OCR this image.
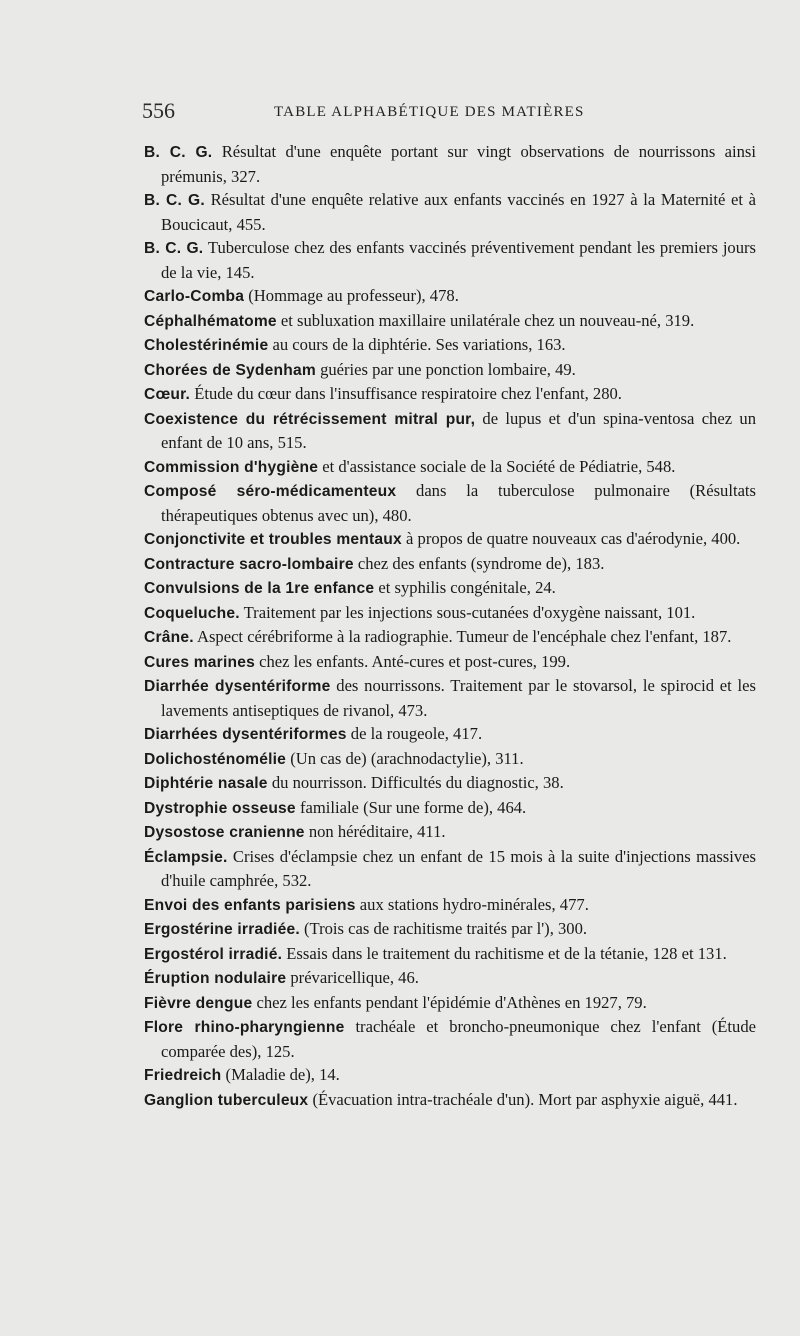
556	TABLE ALPHABÉTIQUE DES MATIÈRES
B. C. G. Résultat d'une enquête portant sur vingt observations de nourrissons ainsi prémunis, 327.
B. C. G. Résultat d'une enquête relative aux enfants vaccinés en 1927 à la Maternité et à Boucicaut, 455.
B. C. G. Tuberculose chez des enfants vaccinés préventivement pendant les premiers jours de la vie, 145.
Carlo-Comba (Hommage au professeur), 478.
Céphalhématome et subluxation maxillaire unilatérale chez un nouveau-né, 319.
Cholestérinémie au cours de la diphtérie. Ses variations, 163.
Chorées de Sydenham guéries par une ponction lombaire, 49.
Cœur. Étude du cœur dans l'insuffisance respiratoire chez l'enfant, 280.
Coexistence du rétrécissement mitral pur, de lupus et d'un spina-ventosa chez un enfant de 10 ans, 515.
Commission d'hygiène et d'assistance sociale de la Société de Pédiatrie, 548.
Composé séro-médicamenteux dans la tuberculose pulmonaire (Résultats thérapeutiques obtenus avec un), 480.
Conjonctivite et troubles mentaux à propos de quatre nouveaux cas d'aérodynie, 400.
Contracture sacro-lombaire chez des enfants (syndrome de), 183.
Convulsions de la 1re enfance et syphilis congénitale, 24.
Coqueluche. Traitement par les injections sous-cutanées d'oxygène naissant, 101.
Crâne. Aspect cérébriforme à la radiographie. Tumeur de l'encéphale chez l'enfant, 187.
Cures marines chez les enfants. Anté-cures et post-cures, 199.
Diarrhée dysentériforme des nourrissons. Traitement par le stovarsol, le spirocid et les lavements antiseptiques de rivanol, 473.
Diarrhées dysentériformes de la rougeole, 417.
Dolichosténomélie (Un cas de) (arachnodactylie), 311.
Diphtérie nasale du nourrisson. Difficultés du diagnostic, 38.
Dystrophie osseuse familiale (Sur une forme de), 464.
Dysostose cranienne non héréditaire, 411.
Éclampsie. Crises d'éclampsie chez un enfant de 15 mois à la suite d'injections massives d'huile camphrée, 532.
Envoi des enfants parisiens aux stations hydro-minérales, 477.
Ergostérine irradiée. (Trois cas de rachitisme traités par l'), 300.
Ergostérol irradié. Essais dans le traitement du rachitisme et de la tétanie, 128 et 131.
Éruption nodulaire prévaricellique, 46.
Fièvre dengue chez les enfants pendant l'épidémie d'Athènes en 1927, 79.
Flore rhino-pharyngienne trachéale et broncho-pneumonique chez l'enfant (Étude comparée des), 125.
Friedreich (Maladie de), 14.
Ganglion tuberculeux (Évacuation intra-trachéale d'un). Mort par asphyxie aiguë, 441.
